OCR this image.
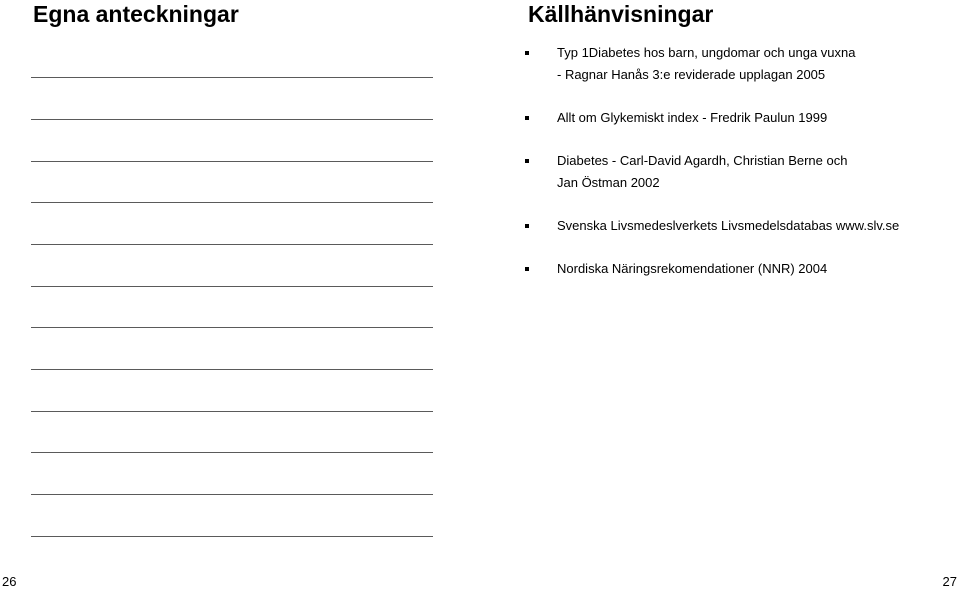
Egna anteckningar	Källhänvisningar
Typ 1Diabetes hos barn, ungdomar och unga vuxna
- Ragnar Hanås 3:e reviderade upplagan 2005
Allt om Glykemiskt index - Fredrik Paulun 1999
Diabetes - Carl-David Agardh, Christian Berne och
Jan Östman 2002
Svenska Livsmedeslverkets Livsmedelsdatabas www.slv.se
Nordiska Näringsrekomendationer (NNR) 2004
26	27
